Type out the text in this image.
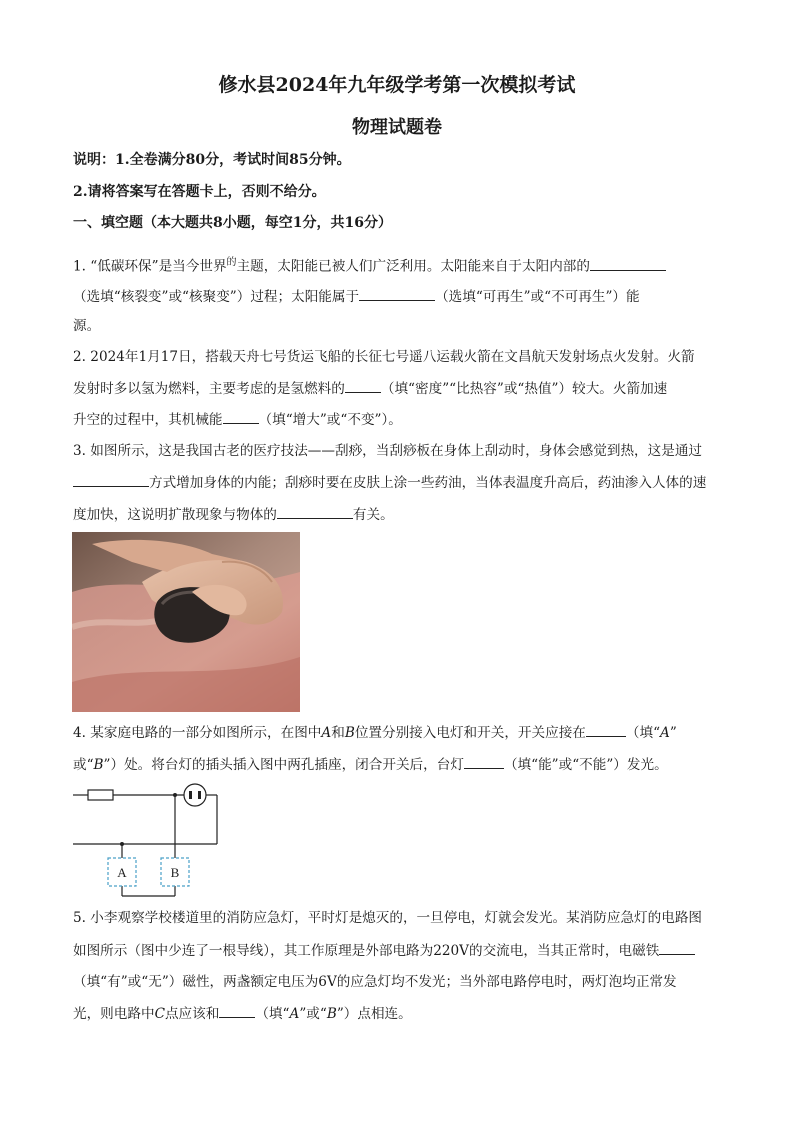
修水县2024年九年级学考第一次模拟考试
物理试题卷
说明：1.全卷满分80分，考试时间85分钟。
2.请将答案写在答题卡上，否则不给分。
一、填空题（本大题共8小题，每空1分，共16分）
1. “低碳环保”是当今世界$^的$主题，太阳能已被人们广泛利用。太阳能来自于太阳内部的
（选填“核裂变”或“核聚变”）过程；太阳能属于	（选填“可再生”或“不可再生”）能
源。
2. 2024年1月17日，搭载天舟七号货运飞船的长征七号遥八运载火箭在文昌航天发射场点火发射。火箭
发射时多以氢为燃料，主要考虑的是氢燃料的	（填“密度”“比热容”或“热值”）较大。火箭加速
升空的过程中，其机械能	（填“增大”或“不变”）。
3. 如图所示，这是我国古老的医疗技法——刮痧，当刮痧板在身体上刮动时，身体会感觉到热，这是通过
方式增加身体的内能；刮痧时要在皮肤上涂一些药油，当体表温度升高后，药油渗入人体的速
度加快，这说明扩散现象与物体的	有关。
4. 某家庭电路的一部分如图所示，在图中A和B位置分别接入电灯和开关，开关应接在	（填“A”
或“B”）处。将台灯的插头插入图中两孔插座，闭合开关后，台灯	（填“能”或“不能”）发光。
A	B
5. 小李观察学校楼道里的消防应急灯，平时灯是熄灭的，一旦停电，灯就会发光。某消防应急灯的电路图
如图所示（图中少连了一根导线），其工作原理是外部电路为220V的交流电，当其正常时，电磁铁
（填“有”或“无”）磁性，两盏额定电压为6V的应急灯均不发光；当外部电路停电时，两灯泡均正常发
光，则电路中C点应该和	（填“A”或“B”）点相连。
